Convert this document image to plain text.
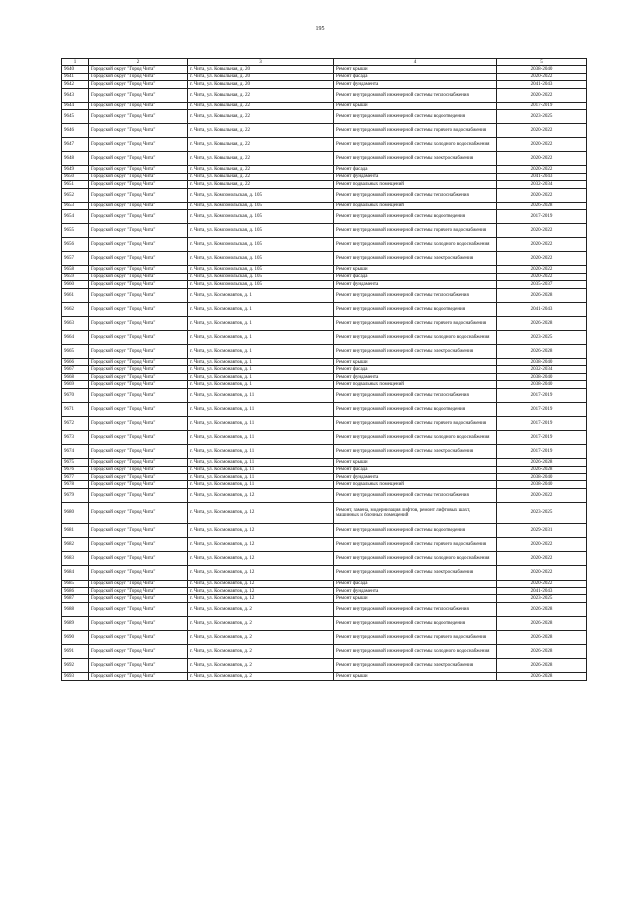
195
1	2	3	4	5
9640	Городской округ "Город Чита"	г. Чита, ул. Ковыльная, д. 20	Ремонт крыши	2038-2040
9641	Городской округ "Город Чита"	г. Чита, ул. Ковыльная, д. 20	Ремонт фасада	2020-2022
9642	Городской округ "Город Чита"	г. Чита, ул. Ковыльная, д. 20	Ремонт фундамента	2041-2043
9643	Городской округ "Город Чита"	г. Чита, ул. Ковыльная, д. 22	Ремонт внутридомовой инженерной системы теплоснабжения	2020-2022
9644	Городской округ "Город Чита"	г. Чита, ул. Ковыльная, д. 22	Ремонт крыши	2017-2019
9645	Городской округ "Город Чита"	г. Чита, ул. Ковыльная, д. 22	Ремонт внутридомовой инженерной системы водоотведения	2023-2025
9646	Городской округ "Город Чита"	г. Чита, ул. Ковыльная, д. 22	Ремонт внутридомовой инженерной системы горячего водоснабжения	2020-2022
9647	Городской округ "Город Чита"	г. Чита, ул. Ковыльная, д. 22	Ремонт внутридомовой инженерной системы холодного водоснабжения	2020-2022
9648	Городской округ "Город Чита"	г. Чита, ул. Ковыльная, д. 22	Ремонт внутридомовой инженерной системы электроснабжения	2020-2022
9649	Городской округ "Город Чита"	г. Чита, ул. Ковыльная, д. 22	Ремонт фасада	2020-2022
9650	Городской округ "Город Чита"	г. Чита, ул. Ковыльная, д. 22	Ремонт фундамента	2041-2043
9651	Городской округ "Город Чита"	г. Чита, ул. Ковыльная, д. 22	Ремонт подвальных помещений	2032-2034
9652	Городской округ "Город Чита"	г. Чита, ул. Комсомольская, д. 105	Ремонт внутридомовой инженерной системы теплоснабжения	2020-2022
9653	Городской округ "Город Чита"	г. Чита, ул. Комсомольская, д. 105	Ремонт подвальных помещений	2026-2028
9654	Городской округ "Город Чита"	г. Чита, ул. Комсомольская, д. 105	Ремонт внутридомовой инженерной системы водоотведения	2017-2019
9655	Городской округ "Город Чита"	г. Чита, ул. Комсомольская, д. 105	Ремонт внутридомовой инженерной системы горячего водоснабжения	2020-2022
9656	Городской округ "Город Чита"	г. Чита, ул. Комсомольская, д. 105	Ремонт внутридомовой инженерной системы холодного водоснабжения	2020-2022
9657	Городской округ "Город Чита"	г. Чита, ул. Комсомольская, д. 105	Ремонт внутридомовой инженерной системы электроснабжения	2020-2022
9658	Городской округ "Город Чита"	г. Чита, ул. Комсомольская, д. 105	Ремонт крыши	2020-2022
9659	Городской округ "Город Чита"	г. Чита, ул. Комсомольская, д. 105	Ремонт фасада	2020-2022
9660	Городской округ "Город Чита"	г. Чита, ул. Комсомольская, д. 105	Ремонт фундамента	2035-2037
9661	Городской округ "Город Чита"	г. Чита, ул. Космонавтов, д. 1	Ремонт внутридомовой инженерной системы теплоснабжения	2026-2028
9662	Городской округ "Город Чита"	г. Чита, ул. Космонавтов, д. 1	Ремонт внутридомовой инженерной системы водоотведения	2041-2043
9663	Городской округ "Город Чита"	г. Чита, ул. Космонавтов, д. 1	Ремонт внутридомовой инженерной системы горячего водоснабжения	2026-2028
9664	Городской округ "Город Чита"	г. Чита, ул. Космонавтов, д. 1	Ремонт внутридомовой инженерной системы холодного водоснабжения	2023-2025
9665	Городской округ "Город Чита"	г. Чита, ул. Космонавтов, д. 1	Ремонт внутридомовой инженерной системы электроснабжения	2026-2028
9666	Городской округ "Город Чита"	г. Чита, ул. Космонавтов, д. 1	Ремонт крыши	2038-2040
9667	Городской округ "Город Чита"	г. Чита, ул. Космонавтов, д. 1	Ремонт фасада	2032-2034
9668	Городской округ "Город Чита"	г. Чита, ул. Космонавтов, д. 1	Ремонт фундамента	2038-2040
9669	Городской округ "Город Чита"	г. Чита, ул. Космонавтов, д. 1	Ремонт подвальных помещений	2038-2040
9670	Городской округ "Город Чита"	г. Чита, ул. Космонавтов, д. 11	Ремонт внутридомовой инженерной системы теплоснабжения	2017-2019
9671	Городской округ "Город Чита"	г. Чита, ул. Космонавтов, д. 11	Ремонт внутридомовой инженерной системы водоотведения	2017-2019
9672	Городской округ "Город Чита"	г. Чита, ул. Космонавтов, д. 11	Ремонт внутридомовой инженерной системы горячего водоснабжения	2017-2019
9673	Городской округ "Город Чита"	г. Чита, ул. Космонавтов, д. 11	Ремонт внутридомовой инженерной системы холодного водоснабжения	2017-2019
9674	Городской округ "Город Чита"	г. Чита, ул. Космонавтов, д. 11	Ремонт внутридомовой инженерной системы электроснабжения	2017-2019
9675	Городской округ "Город Чита"	г. Чита, ул. Космонавтов, д. 11	Ремонт крыши	2026-2028
9676	Городской округ "Город Чита"	г. Чита, ул. Космонавтов, д. 11	Ремонт фасада	2026-2028
9677	Городской округ "Город Чита"	г. Чита, ул. Космонавтов, д. 11	Ремонт фундамента	2038-2040
9678	Городской округ "Город Чита"	г. Чита, ул. Космонавтов, д. 11	Ремонт подвальных помещений	2038-2040
9679	Городской округ "Город Чита"	г. Чита, ул. Космонавтов, д. 12	Ремонт внутридомовой инженерной системы теплоснабжения	2020-2022
9680	Городской округ "Город Чита"	г. Чита, ул. Космонавтов, д. 12	Ремонт, замена, модернизация лифтов, ремонт лифтовых шахт, машинных и блочных помещений	2023-2025
9681	Городской округ "Город Чита"	г. Чита, ул. Космонавтов, д. 12	Ремонт внутридомовой инженерной системы водоотведения	2029-2031
9682	Городской округ "Город Чита"	г. Чита, ул. Космонавтов, д. 12	Ремонт внутридомовой инженерной системы горячего водоснабжения	2020-2022
9683	Городской округ "Город Чита"	г. Чита, ул. Космонавтов, д. 12	Ремонт внутридомовой инженерной системы холодного водоснабжения	2020-2022
9684	Городской округ "Город Чита"	г. Чита, ул. Космонавтов, д. 12	Ремонт внутридомовой инженерной системы электроснабжения	2020-2022
9685	Городской округ "Город Чита"	г. Чита, ул. Космонавтов, д. 12	Ремонт фасада	2020-2022
9686	Городской округ "Город Чита"	г. Чита, ул. Космонавтов, д. 12	Ремонт фундамента	2041-2043
9687	Городской округ "Город Чита"	г. Чита, ул. Космонавтов, д. 12	Ремонт крыши	2023-2025
9688	Городской округ "Город Чита"	г. Чита, ул. Космонавтов, д. 2	Ремонт внутридомовой инженерной системы теплоснабжения	2026-2028
9689	Городской округ "Город Чита"	г. Чита, ул. Космонавтов, д. 2	Ремонт внутридомовой инженерной системы водоотведения	2026-2028
9690	Городской округ "Город Чита"	г. Чита, ул. Космонавтов, д. 2	Ремонт внутридомовой инженерной системы горячего водоснабжения	2026-2028
9691	Городской округ "Город Чита"	г. Чита, ул. Космонавтов, д. 2	Ремонт внутридомовой инженерной системы холодного водоснабжения	2026-2028
9692	Городской округ "Город Чита"	г. Чита, ул. Космонавтов, д. 2	Ремонт внутридомовой инженерной системы электроснабжения	2026-2028
9693	Городской округ "Город Чита"	г. Чита, ул. Космонавтов, д. 2	Ремонт крыши	2026-2028
